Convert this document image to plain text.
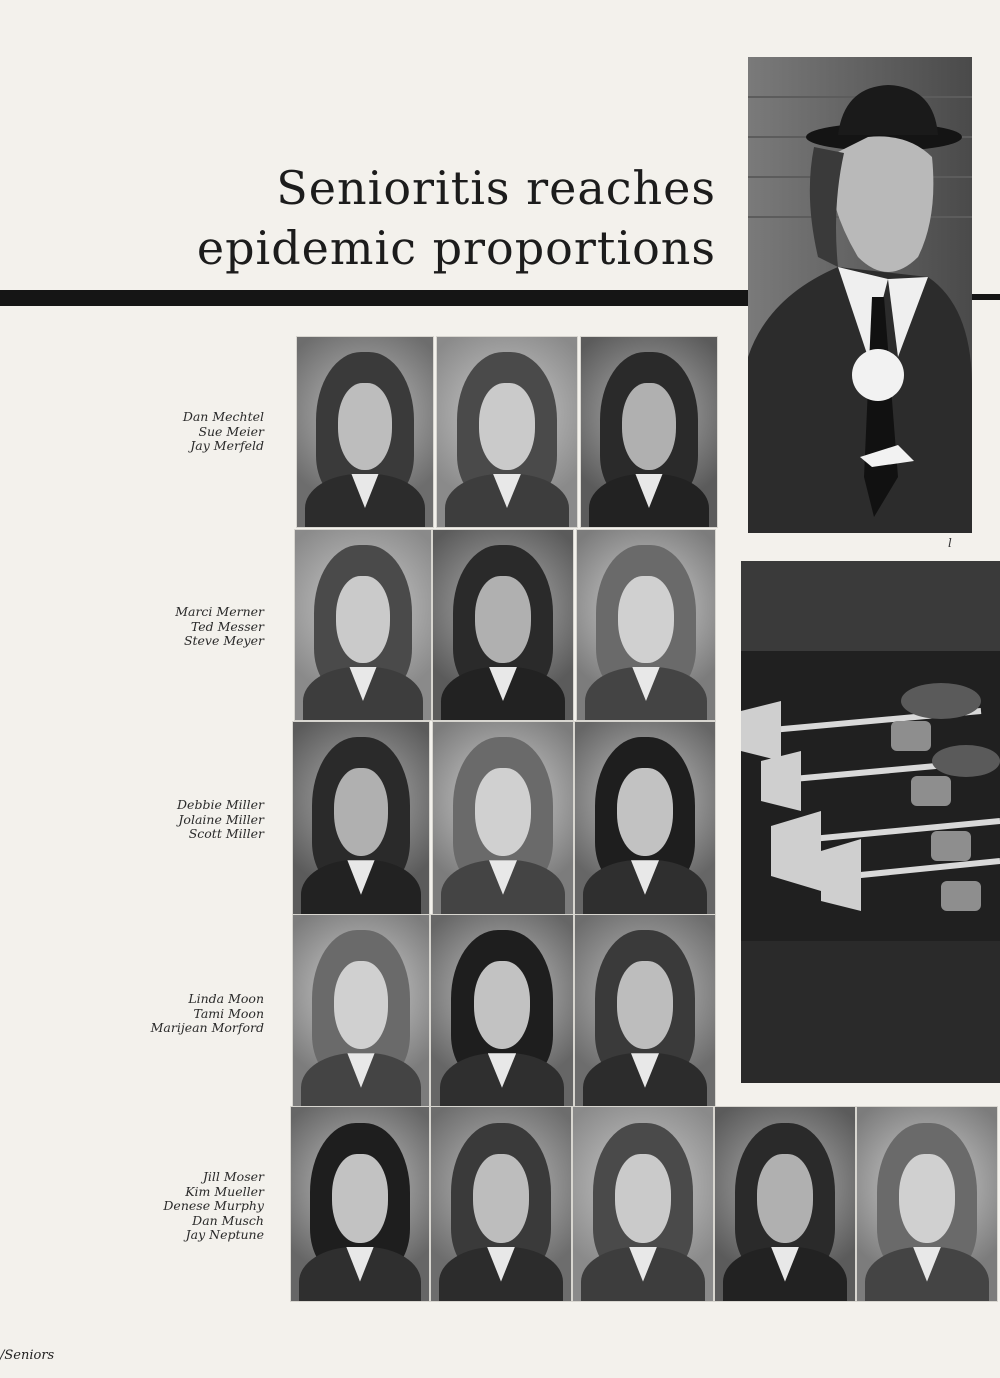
Senioritis reaches
epidemic proportions
l
Dan Mechtel
Sue Meier
Jay Merfeld
Marci Merner
Ted Messer
Steve Meyer
Debbie Miller
Jolaine Miller
Scott Miller
Linda Moon
Tami Moon
Marijean Morford
Jill Moser
Kim Mueller
Denese Murphy
Dan Musch
Jay Neptune
/Seniors
